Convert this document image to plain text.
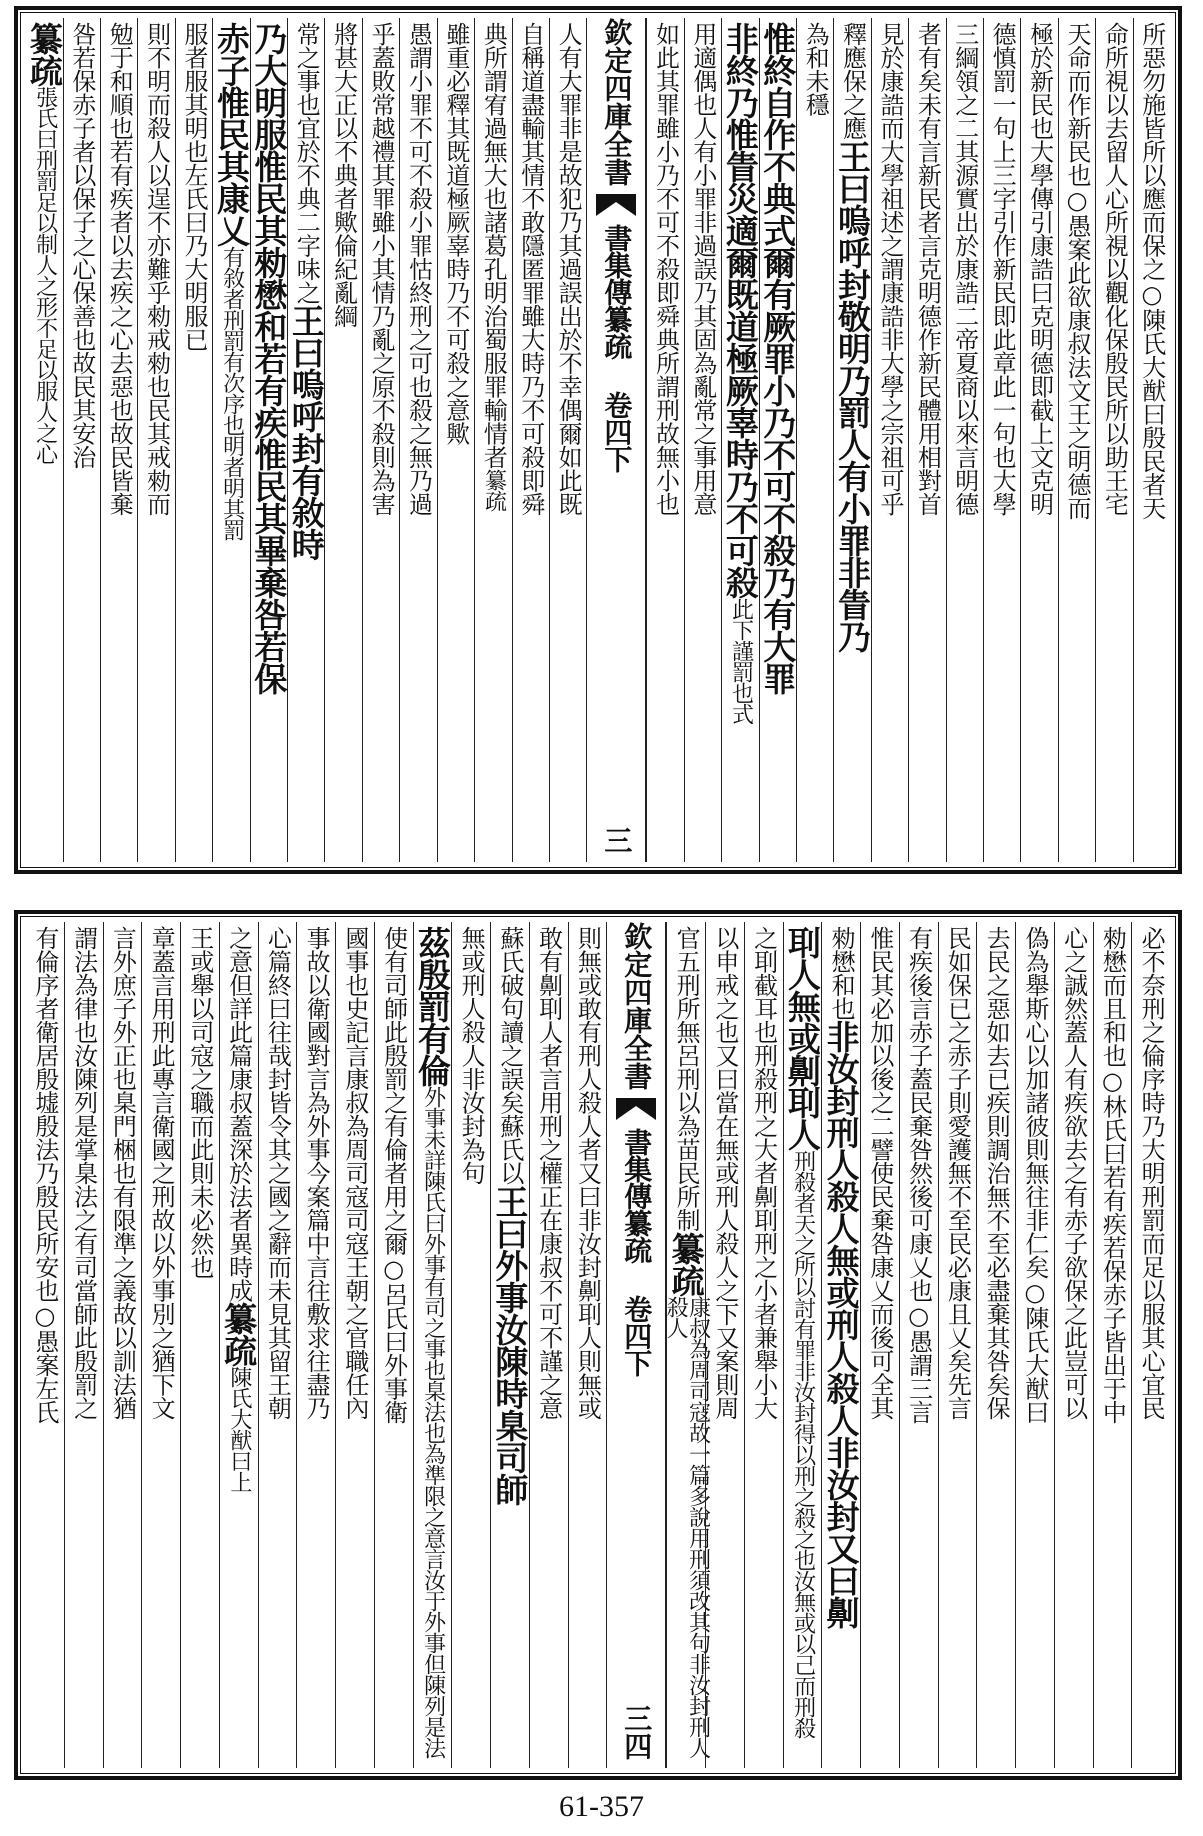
所惡勿施皆所以應而保之○陳氏大猷曰殷民者天
命所視以去留人心所視以觀化保殷民所以助王宅
天命而作新民也○愚案此欲康叔法文王之明德而
極於新民也大學傳引康誥曰克明德即截上文克明
德慎罰一句上三字引作新民即此章此一句也大學
三綱領之二其源實出於康誥二帝夏商以來言明德
者有矣未有言新民者言克明德作新民體用相對首
見於康誥而大學祖述之謂康誥非大學之宗祖可乎
釋應保之應
王曰嗚呼封敬明乃罰人有小罪非眚乃
為和未穩
惟終自作不典式爾有厥罪小乃不可不殺乃有大罪
非終乃惟眚災適爾既道極厥辜時乃不可殺
此下謹罰也式
用適偶也人有小罪非過誤乃其固為亂常之事用意
如此其罪雖小乃不可不殺即舜典所謂刑故無小也
欽定四庫全書
書集傳纂疏 卷四下
三
人有大罪非是故犯乃其過誤出於不幸偶爾如此既
自稱道盡輸其情不敢隱匿罪雖大時乃不可殺即舜
典所謂宥過無大也諸葛孔明治蜀服罪輸情者
纂疏
雖重必釋其既道極厥辜時乃不可殺之意歟
愚謂小罪不可不殺小罪怙終刑之可也殺之無乃過
乎蓋敗常越禮其罪雖小其情乃亂之原不殺則為害
將甚大正以不典者歟倫紀亂綱
常之事也宜於不典二字味之
王曰嗚呼封有敘時
乃大明服惟民其勑懋和若有疾惟民其畢棄咎若保
赤子惟民其康乂
有敘者刑罰有次序也明者明其罰
服者服其明也左氏曰乃大明服已
則不明而殺人以逞不亦難乎勑戒勑也民其戒勑而
勉于和順也若有疾者以去疾之心去惡也故民皆棄
咎若保赤子者以保子之心保善也故民其安治
纂疏
張氏曰刑罰足以制人之形不足以服人之心
必不奈刑之倫序時乃大明刑罰而足以服其心宜民
勑懋而且和也○林氏曰若有疾若保赤子皆出于中
心之誠然蓋人有疾欲去之有赤子欲保之此豈可以
偽為舉斯心以加諸彼則無往非仁矣○陳氏大猷曰
去民之惡如去已疾則調治無不至必盡棄其咎矣保
民如保已之赤子則愛護無不至民必康且乂矣先言
有疾後言赤子蓋民棄咎然後可康乂也○愚謂三言
惟民其必加以後之二譬使民棄咎康乂而後可全其
勑懋和也
非汝封刑人殺人無或刑人殺人非汝封又曰劓
刵人無或劓刵人
刑殺者天之所以討有罪非汝封得以刑之殺之也汝無或以己而刑殺
之刵截耳也刑殺刑之大者劓刵刑之小者兼舉小大
以申戒之也又曰當在無或刑人殺人之下又案則周
官五刑所無呂刑以為苗民所制
纂疏
康叔為周司寇故一篇多說用刑須改其句非汝封刑人殺人
欽定四庫全書
書集傳纂疏 卷四下
三四
則無或敢有刑人殺人者又曰非汝封劓刵人則無或
敢有劓刵人者言用刑之權正在康叔不可不謹之意
蘇氏破句讀之誤矣蘇氏以
王曰外事汝陳時臬司師
無或刑人殺人非汝封為句
茲殷罰有倫
外事未詳陳氏曰外事有司之事也臬法也為準限之意言汝于外事但陳列是法
使有司師此殷罰之有倫者用之爾○呂氏曰外事衛
國事也史記言康叔為周司寇司寇王朝之官職任內
事故以衛國對言為外事今案篇中言往敷求往盡乃
心篇終曰往哉封皆令其之國之辭而未見其留王朝
之意但詳此篇康叔蓋深於法者異時成
纂疏
陳氏大猷曰上
王或舉以司寇之職而此則未必然也
章蓋言用刑此專言衛國之刑故以外事別之猶下文
言外庶子外正也臬門梱也有限準之義故以訓法猶
謂法為律也汝陳列是掌臬法之有司當師此殷罰之
有倫序者衛居殷墟殷法乃殷民所安也○愚案左氏
61-357
